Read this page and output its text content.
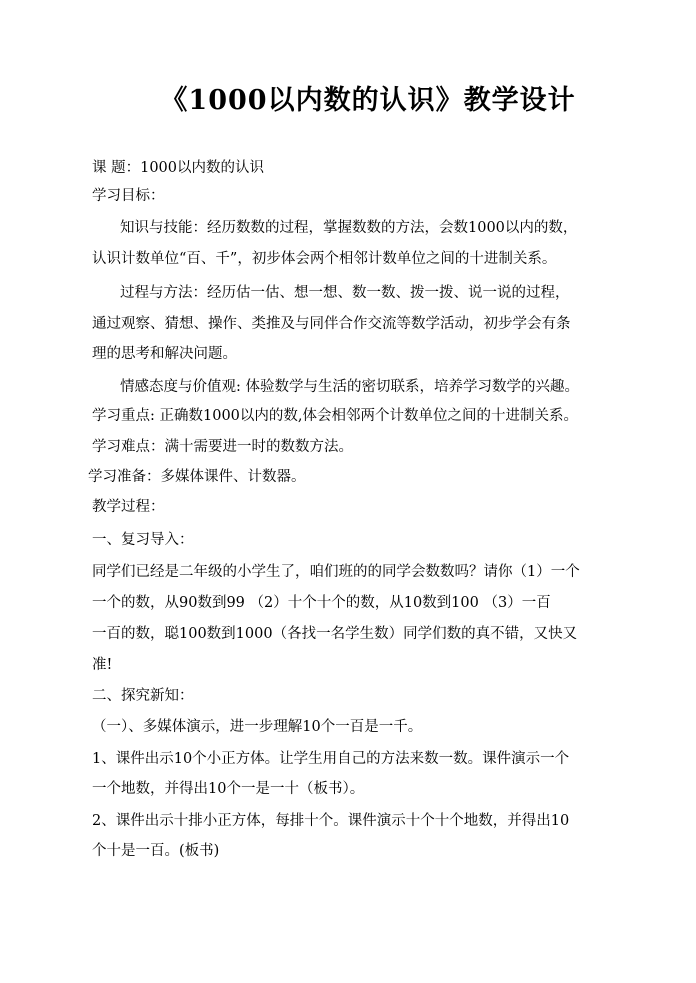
《1000以内数的认识》教学设计
课 题：1000以内数的认识
学习目标：
知识与技能：经历数数的过程，掌握数数的方法，会数1000以内的数，
认识计数单位“百、千”，初步体会两个相邻计数单位之间的十进制关系。
过程与方法：经历估一估、想一想、数一数、拨一拨、说一说的过程，
通过观察、猜想、操作、类推及与同伴合作交流等数学活动，初步学会有条
理的思考和解决问题。
情感态度与价值观: 体验数学与生活的密切联系，培养学习数学的兴趣。
学习重点: 正确数1000以内的数,体会相邻两个计数单位之间的十进制关系。
学习难点：满十需要进一时的数数方法。
学习准备：多媒体课件、计数器。
教学过程：
一、复习导入：
同学们已经是二年级的小学生了，咱们班的的同学会数数吗？请你（1）一个
一个的数，从90数到99 （2）十个十个的数，从10数到100 （3）一百
一百的数，聪100数到1000（各找一名学生数）同学们数的真不错，又快又
准!
二、探究新知：
（一）、多媒体演示，进一步理解10个一百是一千。
1、课件出示10个小正方体。让学生用自己的方法来数一数。课件演示一个
一个地数，并得出10个一是一十（板书）。
2、课件出示十排小正方体，每排十个。课件演示十个十个地数，并得出10
个十是一百。(板书)
